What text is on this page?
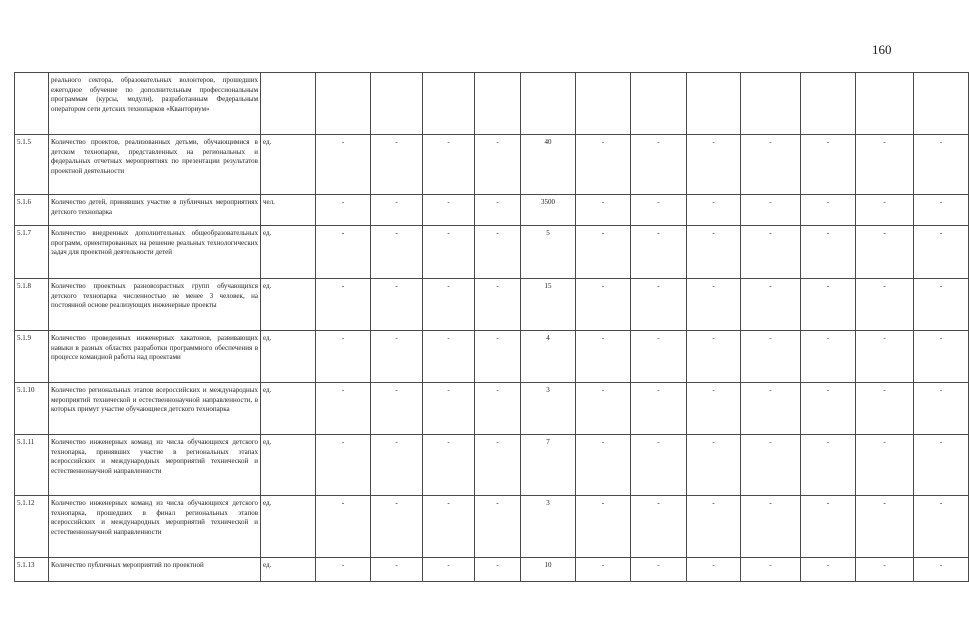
160
	реального сектора, образовательных волонтеров, прошедших ежегодное обучение по дополнительным профессиональным программам (курсы, модули), разработанным Федеральным оператором сети детских технопарков «Кванториум»													
5.1.5	Количество проектов, реализованных детьми, обучающимися в детском технопарке, представленных на региональных и федеральных отчетных мероприятиях по презентации результатов проектной деятельности	ед.	-	-	-	-	40	-	-	-	-	-	-	-
5.1.6	Количество детей, принявших участие в публичных мероприятиях детского технопарка	чел.	-	-	-	-	3500	-	-	-	-	-	-	-
5.1.7	Количество внедренных дополнительных общеобразовательных программ, ориентированных на решение реальных технологических задач для проектной деятельности детей	ед.	-	-	-	-	5	-	-	-	-	-	-	-
5.1.8	Количество проектных разновозрастных групп обучающихся детского технопарка численностью не менее 3 человек, на постоянной основе реализующих инженерные проекты	ед.	-	-	-	-	15	-	-	-	-	-	-	-
5.1.9	Количество проведенных инженерных хакатонов, развивающих навыки в разных областях разработки программного обеспечения в процессе командной работы над проектами	ед.	-	-	-	-	4	-	-	-	-	-	-	-
5.1.10	Количество региональных этапов всероссийских и международных мероприятий технической и естественнонаучной направленности, в которых примут участие обучающиеся детского технопарка	ед.	-	-	-	-	3	-	-	-	-	-	-	-
5.1.11	Количество инженерных команд из числа обучающихся детского технопарка, принявших участие в региональных этапах всероссийских и международных мероприятий технической и естественнонаучной направленности	ед.	-	-	-	-	7	-	-	-	-	-	-	-
5.1.12	Количество инженерных команд из числа обучающихся детского технопарка, прошедших в финал региональных этапов всероссийских и международных мероприятий технической и естественнонаучной направленности	ед.	-	-	-	-	3	-	-	-	-	-	-	-
5.1.13	Количество публичных мероприятий по проектной	ед.	-	-	-	-	10	-	-	-	-	-	-	-
